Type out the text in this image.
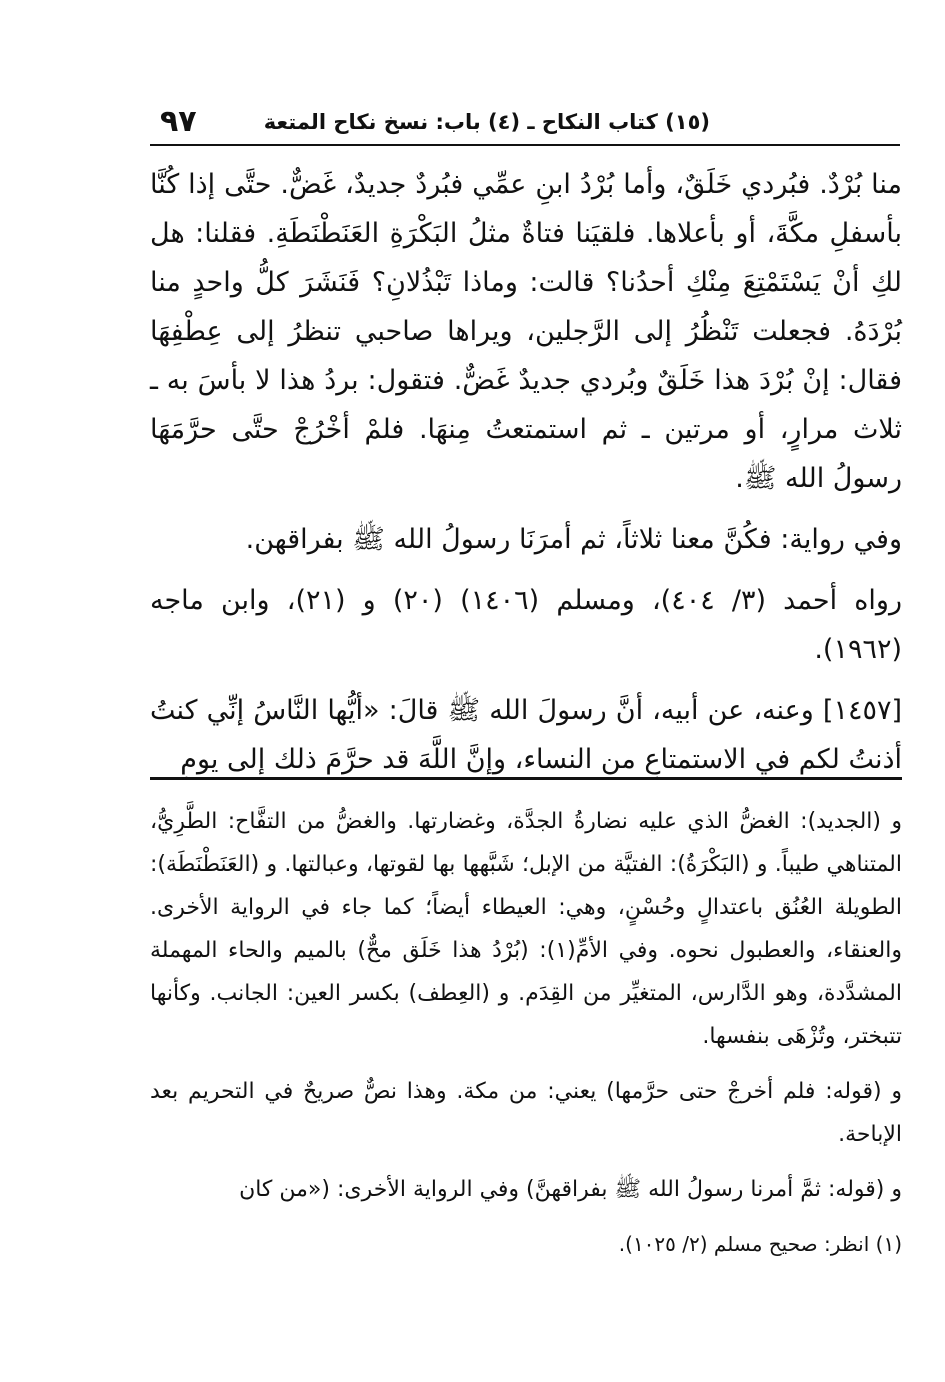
٩٧	(١٥) كتاب النكاح ـ (٤) باب: نسخ نكاح المتعة

منا بُرْدٌ. فبُردي خَلَقٌ، وأما بُرْدُ ابنِ عمِّي فبُردٌ جديدٌ، غَضٌّ. حتَّى إذا كُنَّا بأسفلِ مكَّةَ، أو بأعلاها. فلقيَنا فتاةٌ مثلُ البَكْرَةِ العَنَطْنَطَةِ. فقلنا: هل لكِ أنْ يَسْتَمْتِعَ مِنْكِ أحدُنا؟ قالت: وماذا تَبْذُلانِ؟ فَنَشَرَ كلُّ واحدٍ منا بُرْدَهُ. فجعلت تَنْظُرُ إلى الرَّجلين، ويراها صاحبي تنظرُ إلى عِطْفِهَا فقال: إنْ بُرْدَ هذا خَلَقٌ وبُردي جديدٌ غَضٌّ. فتقول: بردُ هذا لا بأسَ به ـ ثلاث مرارٍ، أو مرتين ـ ثم استمتعتُ مِنهَا. فلمْ أخْرُجْ حتَّى حرَّمَهَا رسولُ الله ﷺ.

وفي رواية: فكُنَّ معنا ثلاثاً، ثم أمرَنَا رسولُ الله ﷺ بفراقهن.

رواه أحمد (٣/ ٤٠٤)، ومسلم (١٤٠٦) (٢٠) و (٢١)، وابن ماجه (١٩٦٢).

[١٤٥٧] وعنه، عن أبيه، أنَّ رسولَ الله ﷺ قالَ: «أيُّها النَّاسُ إنِّي كنتُ أذنتُ لكم في الاستمتاعِ من النساء، وإنَّ اللَّهَ قد حرَّمَ ذلك إلى يومِ

و (الجديد): الغضُّ الذي عليه نضارةُ الجدَّة، وغضارتها. والغضُّ من التفَّاح: الطَّرِيُّ، المتناهي طيباً. و (البَكْرَةُ): الفتيَّة من الإبل؛ شَبَّهها بها لقوتها، وعبالتها. و (العَنَطْنَطَة): الطويلة العُنُق باعتدالٍ وحُسْنٍ، وهي: العيطاء أيضاً؛ كما جاء في الرواية الأخرى. والعنقاء، والعطبول نحوه. وفي الأمِّ(١): (بُرْدُ هذا خَلَق محٌّ) بالميم والحاء المهملة المشدَّدة، وهو الدَّارس، المتغيِّر من القِدَم. و (العِطف) بكسر العين: الجانب. وكأنها تتبختر، وتُزْهَى بنفسها.

و (قوله: فلم أخرجْ حتى حرَّمها) يعني: من مكة. وهذا نصٌّ صريحٌ في التحريم بعد الإباحة.

و (قوله: ثمَّ أمرنا رسولُ الله ﷺ بفراقهنَّ) وفي الرواية الأخرى: («من كان

(١) انظر: صحيح مسلم (٢/ ١٠٢٥).
